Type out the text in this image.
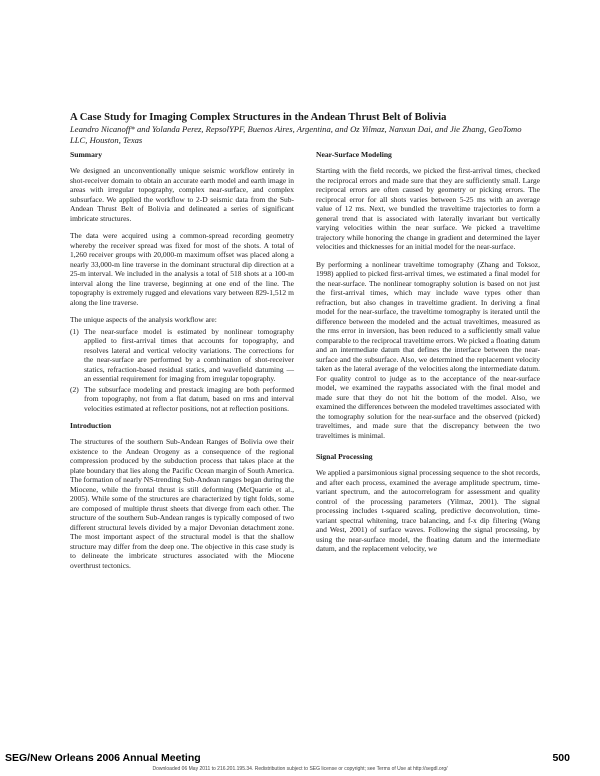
A Case Study for Imaging Complex Structures in the Andean Thrust Belt of Bolivia
Leandro Nicanoff* and Yolanda Perez, RepsolYPF, Buenos Aires, Argentina, and Oz Yilmaz, Nanxun Dai, and Jie Zhang, GeoTomo LLC, Houston, Texas
Summary

We designed an unconventionally unique seismic workflow entirely in shot-receiver domain to obtain an accurate earth model and earth image in areas with irregular topography, complex near-surface, and complex subsurface. We applied the workflow to 2-D seismic data from the Sub-Andean Thrust Belt of Bolivia and delineated a series of significant imbricate structures.

The data were acquired using a common-spread recording geometry whereby the receiver spread was fixed for most of the shots. A total of 1,260 receiver groups with 20,000-m maximum offset was placed along a nearly 33,000-m line traverse in the dominant structural dip direction at a 25-m interval. We included in the analysis a total of 518 shots at a 100-m interval along the line traverse, beginning at one end of the line. The topography is extremely rugged and elevations vary between 829-1,512 m along the line traverse.

The unique aspects of the analysis workflow are:

(1) The near-surface model is estimated by nonlinear tomography applied to first-arrival times that accounts for topography, and resolves lateral and vertical velocity variations. The corrections for the near-surface are performed by a combination of shot-receiver statics, refraction-based residual statics, and wavefield datuming — an essential requirement for imaging from irregular topography.
(2) The subsurface modeling and prestack imaging are both performed from topography, not from a flat datum, based on rms and interval velocities estimated at reflector positions, not at reflection positions.
Introduction

The structures of the southern Sub-Andean Ranges of Bolivia owe their existence to the Andean Orogeny as a consequence of the regional compression produced by the subduction process that takes place at the plate boundary that lies along the Pacific Ocean margin of South America. The formation of nearly NS-trending Sub-Andean ranges began during the Miocene, while the frontal thrust is still deforming (McQuarrie et al., 2005). While some of the structures are characterized by tight folds, some are composed of multiple thrust sheets that diverge from each other. The structure of the southern Sub-Andean ranges is typically composed of two different structural levels divided by a major Devonian detachment zone. The most important aspect of the structural model is that the shallow structure may differ from the deep one. The objective in this case study is to delineate the imbricate structures associated with the Miocene overthrust tectonics.

Near-Surface Modeling

Starting with the field records, we picked the first-arrival times, checked the reciprocal errors and made sure that they are sufficiently small. Large reciprocal errors are often caused by geometry or picking errors. The reciprocal error for all shots varies between 5-25 ms with an average value of 12 ms. Next, we bundled the traveltime trajectories to form a general trend that is associated with laterally invariant but vertically varying velocities within the near surface. We picked a traveltime trajectory while honoring the change in gradient and determined the layer velocities and thicknesses for an initial model for the near-surface.

By performing a nonlinear traveltime tomography (Zhang and Toksoz, 1998) applied to picked first-arrival times, we estimated a final model for the near-surface. The nonlinear tomography solution is based on not just the first-arrival times, which may include wave types other than refraction, but also changes in traveltime gradient. In deriving a final model for the near-surface, the traveltime tomography is iterated until the difference between the modeled and the actual traveltimes, measured as the rms error in inversion, has been reduced to a sufficiently small value comparable to the reciprocal traveltime errors. We picked a floating datum and an intermediate datum that defines the interface between the near-surface and the subsurface. Also, we determined the replacement velocity taken as the lateral average of the velocities along the intermediate datum. For quality control to judge as to the acceptance of the near-surface model, we examined the raypaths associated with the final model and made sure that they do not hit the bottom of the model. Also, we examined the differences between the modeled traveltimes associated with the tomography solution for the near-surface and the observed (picked) traveltimes, and made sure that the discrepancy between the two traveltimes is minimal.

Signal Processing

We applied a parsimonious signal processing sequence to the shot records, and after each process, examined the average amplitude spectrum, time-variant spectrum, and the autocorrelogram for assessment and quality control of the processing parameters (Yilmaz, 2001). The signal processing includes t-squared scaling, predictive deconvolution, time-variant spectral whitening, trace balancing, and f-x dip filtering (Wang and West, 2001) of surface waves. Following the signal processing, by using the near-surface model, the floating datum and the intermediate datum, and the replacement velocity, we

SEG/New Orleans 2006 Annual Meeting	500
Downloaded 06 May 2011 to 216.201.195.34. Redistribution subject to SEG license or copyright; see Terms of Use at http://segdl.org/
